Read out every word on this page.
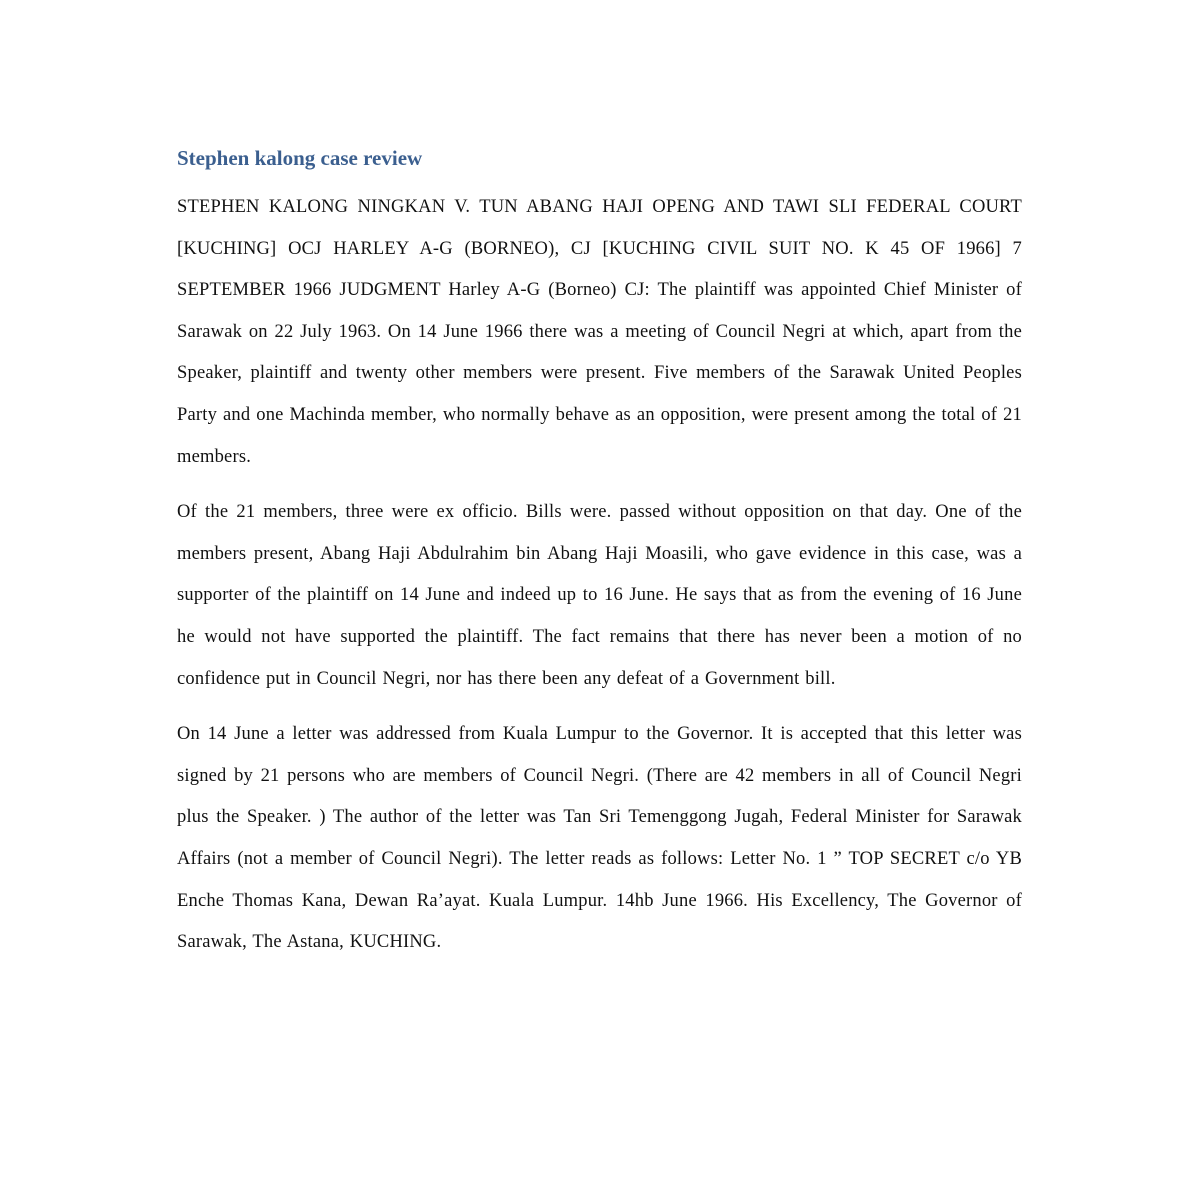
Stephen kalong case review

STEPHEN KALONG NINGKAN V. TUN ABANG HAJI OPENG AND TAWI SLI FEDERAL COURT [KUCHING] OCJ HARLEY A-G (BORNEO), CJ [KUCHING CIVIL SUIT NO. K 45 OF 1966] 7 SEPTEMBER 1966 JUDGMENT Harley A-G (Borneo) CJ: The plaintiff was appointed Chief Minister of Sarawak on 22 July 1963. On 14 June 1966 there was a meeting of Council Negri at which, apart from the Speaker, plaintiff and twenty other members were present. Five members of the Sarawak United Peoples Party and one Machinda member, who normally behave as an opposition, were present among the total of 21 members.

Of the 21 members, three were ex officio. Bills were. passed without opposition on that day. One of the members present, Abang Haji Abdulrahim bin Abang Haji Moasili, who gave evidence in this case, was a supporter of the plaintiff on 14 June and indeed up to 16 June. He says that as from the evening of 16 June he would not have supported the plaintiff. The fact remains that there has never been a motion of no confidence put in Council Negri, nor has there been any defeat of a Government bill.

On 14 June a letter was addressed from Kuala Lumpur to the Governor. It is accepted that this letter was signed by 21 persons who are members of Council Negri. (There are 42 members in all of Council Negri plus the Speaker. ) The author of the letter was Tan Sri Temenggong Jugah, Federal Minister for Sarawak Affairs (not a member of Council Negri). The letter reads as follows: Letter No. 1 ” TOP SECRET c/o YB Enche Thomas Kana, Dewan Ra’ayat. Kuala Lumpur. 14hb June 1966. His Excellency, The Governor of Sarawak, The Astana, KUCHING.
